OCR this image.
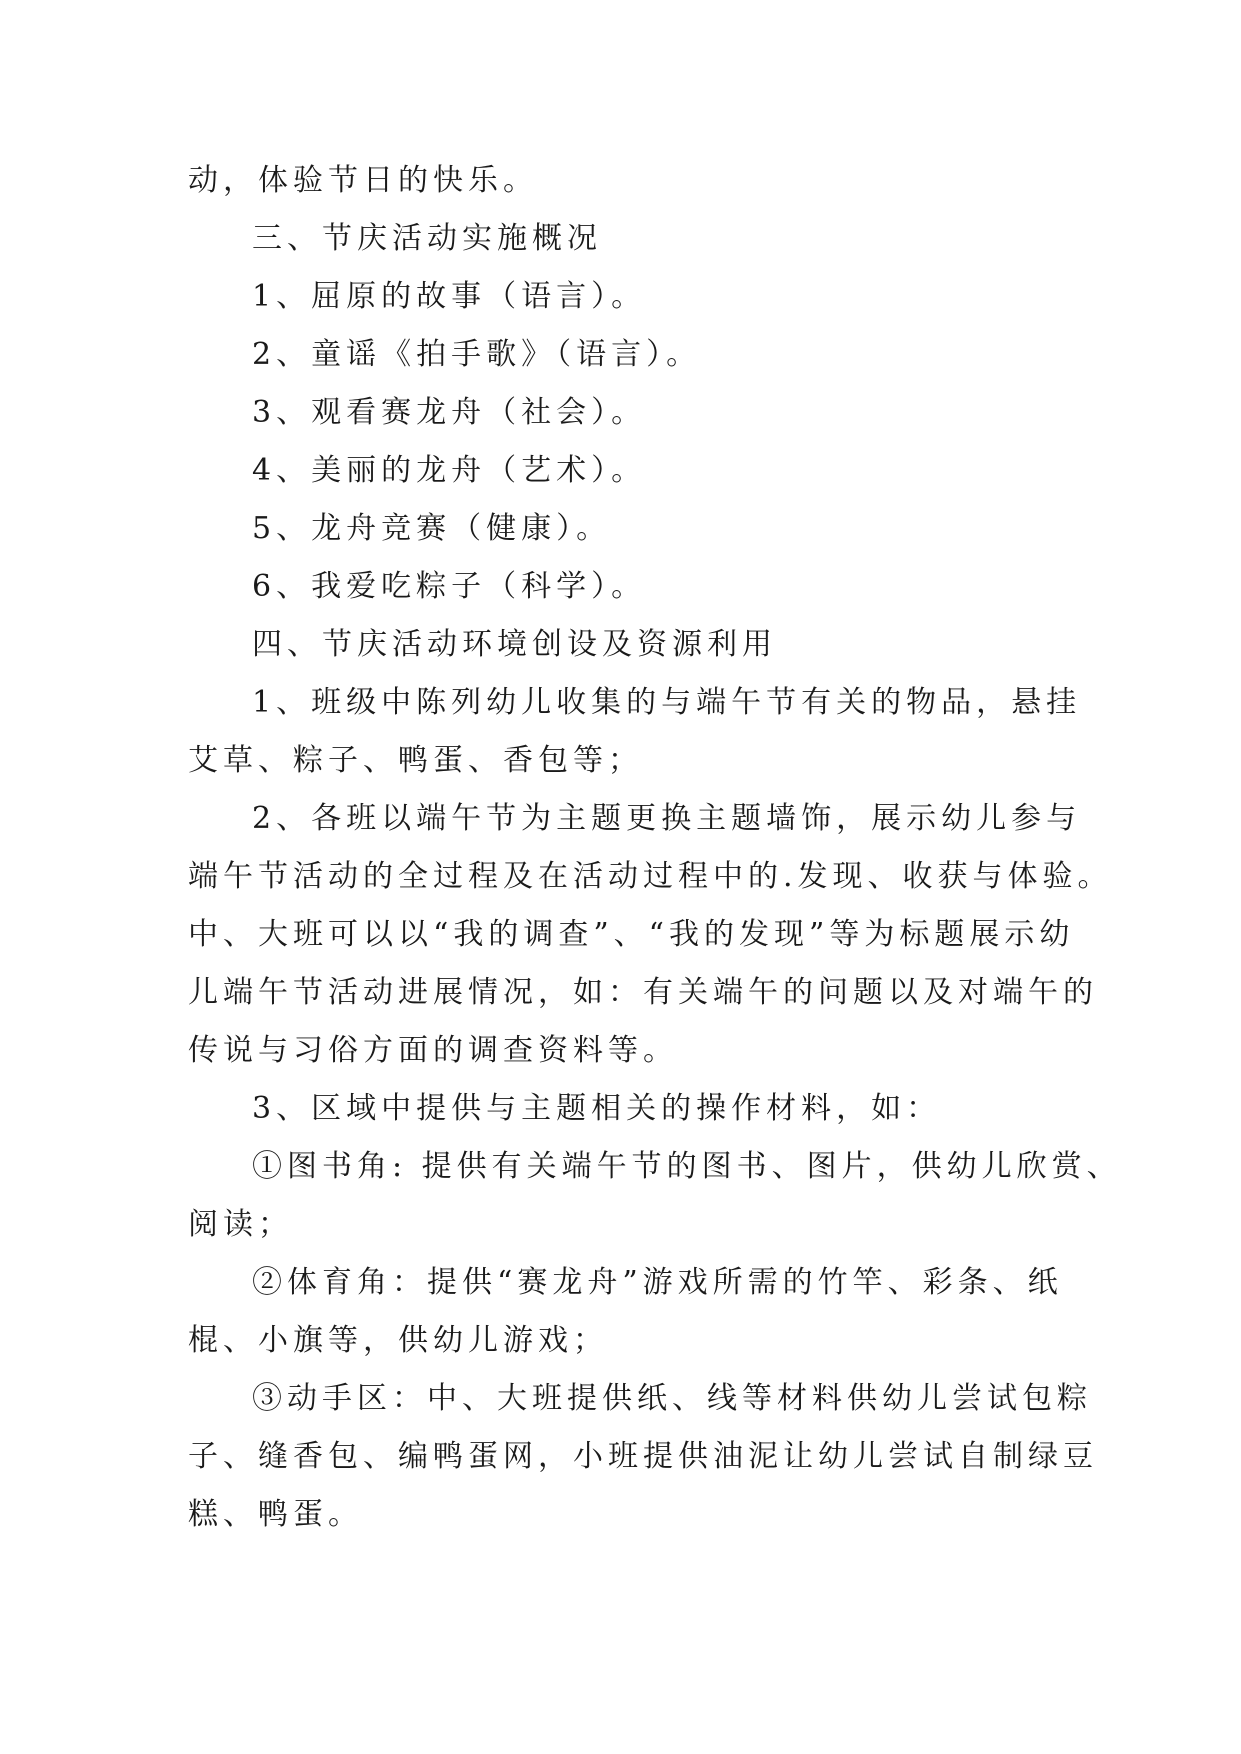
动，体验节日的快乐。
三、节庆活动实施概况
1、屈原的故事（语言）。
2、童谣《拍手歌》（语言）。
3、观看赛龙舟（社会）。
4、美丽的龙舟（艺术）。
5、龙舟竞赛（健康）。
6、我爱吃粽子（科学）。
四、节庆活动环境创设及资源利用
1、班级中陈列幼儿收集的与端午节有关的物品，悬挂
艾草、粽子、鸭蛋、香包等；
2、各班以端午节为主题更换主题墙饰，展示幼儿参与
端午节活动的全过程及在活动过程中的.发现、收获与体验。
中、大班可以以“我的调查”、“我的发现”等为标题展示幼
儿端午节活动进展情况，如：有关端午的问题以及对端午的
传说与习俗方面的调查资料等。
3、区域中提供与主题相关的操作材料，如：
①图书角: 提供有关端午节的图书、图片，供幼儿欣赏、
阅读；
②体育角：提供“赛龙舟”游戏所需的竹竿、彩条、纸
棍、小旗等，供幼儿游戏；
③动手区：中、大班提供纸、线等材料供幼儿尝试包粽
子、缝香包、编鸭蛋网，小班提供油泥让幼儿尝试自制绿豆
糕、鸭蛋。
